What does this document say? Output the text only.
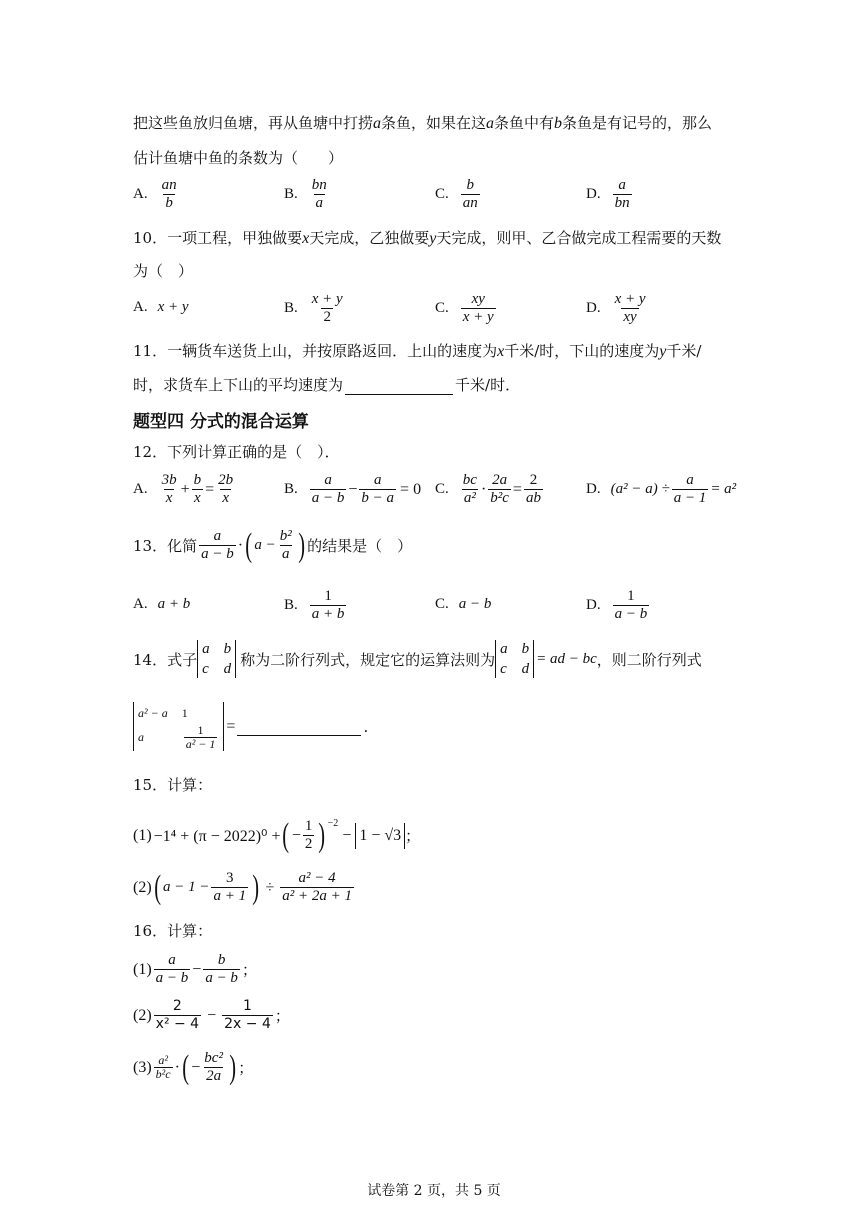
把这些鱼放归鱼塘，再从鱼塘中打捞a条鱼，如果在这a条鱼中有b条鱼是有记号的，那么
估计鱼塘中鱼的条数为（　　）
A. $\frac{an}{b}$	B. $\frac{bn}{a}$	C. $\frac{b}{an}$	D. $\frac{a}{bn}$
10．一项工程，甲独做要x天完成，乙独做要y天完成，则甲、乙合做完成工程需要的天数
为（　）
A. x + y	B. $\frac{x + y}{2}$	C. $\frac{xy}{x + y}$	D. $\frac{x + y}{xy}$
11．一辆货车送货上山，并按原路返回．上山的速度为x千米/时，下山的速度为y千米/
时，求货车上下山的平均速度为	千米/时．
题型四 分式的混合运算
12．下列计算正确的是（　）．
A. $\frac{3b}{x} + \frac{b}{x} = \frac{2b}{x}$	B. $\frac{a}{a - b} - \frac{a}{b - a} = 0$ C. $\frac{bc}{\text{a²}} \cdot \frac{2a}{\text{b²c}} = \frac{2}{ab}$	D. $(a^2 - a) \div \frac{a}{a - 1} = a^2$
13．化简 $\frac{a}{a - b}$ · ( $a - \frac{\text{b²}}{a}$ ) 的结果是（　）
A. a + b	B. $\frac{1}{a + b}$	C. a − b	D. $\frac{1}{a - b}$
14．式子
a b
c d
称为二阶行列式，规定它的运算法则为
a b
c d
= ad − bc ，则二阶行列式
a² − a 1
a	$\frac{1}{\text{a² − 1}}$ =	.
15．计算：
(1) −1⁴ + (π − 2022)⁰ + ( − $\frac{1}{2}$ ) −2
− 1 − √3 ；
(2) ( $a - 1 - \frac{3}{a + 1}$ ) ÷ $\frac{\text{a² − 4}}{\text{a² + 2a + 1}}$
16．计算：
$(1) \frac{a}{a - b} - \frac{b}{a - b}$ ；
$(2) \frac{2}{\text{x² − 4}} - \frac{1}{2x - 4}$ ；
$(3) \frac{\text{a²}}{\text{b²c}}$ · ( − $\frac{\text{bc²}}{2a}$ ) ；
试卷第 2 页，共 5 页
